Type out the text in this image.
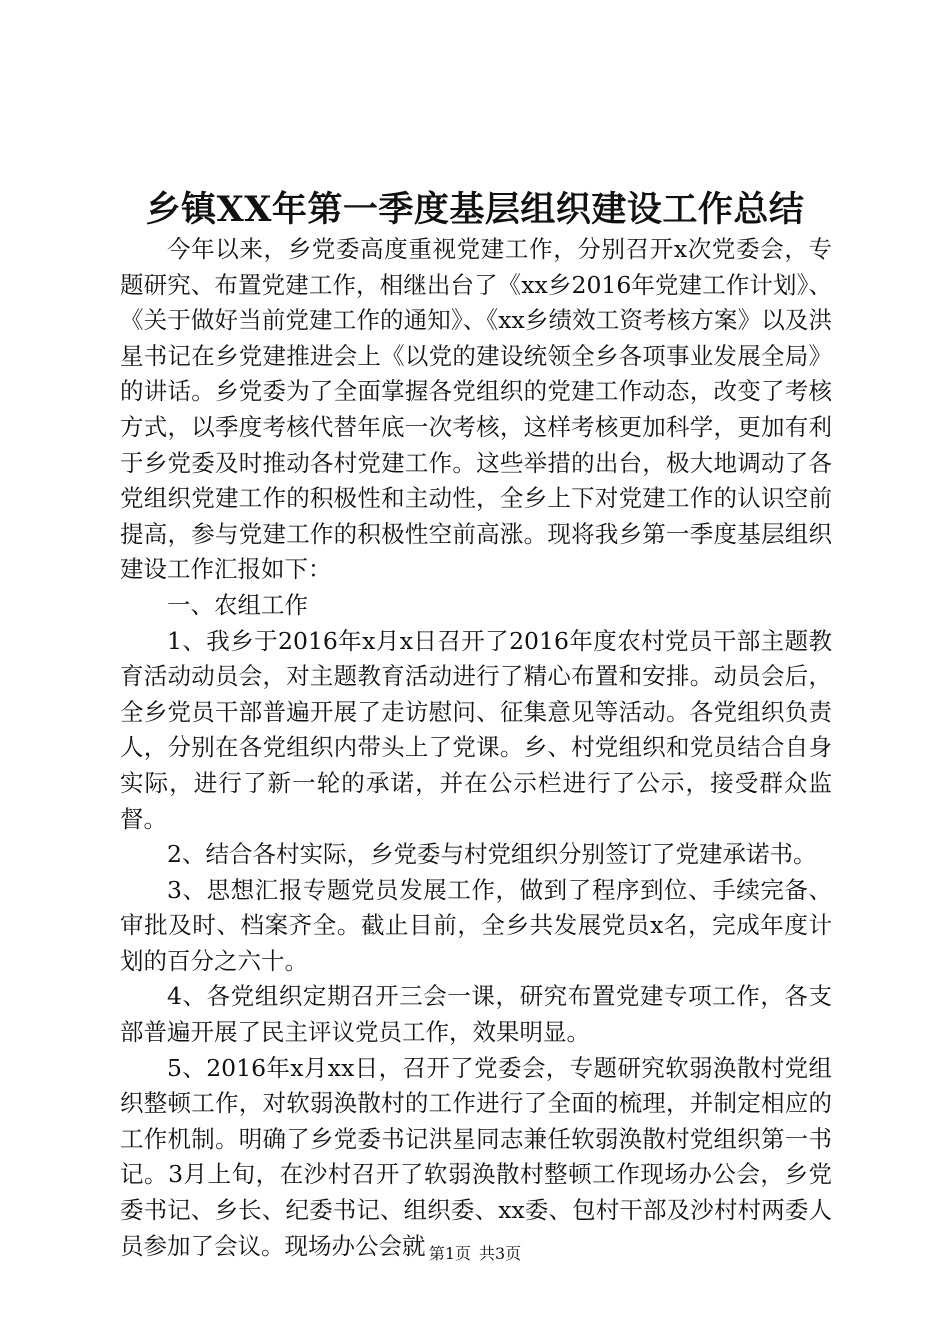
乡镇XX年第一季度基层组织建设工作总结

今年以来，乡党委高度重视党建工作，分别召开x次党委会，专题研究、布置党建工作，相继出台了《xx乡2016年党建工作计划》、《关于做好当前党建工作的通知》、《xx乡绩效工资考核方案》以及洪星书记在乡党建推进会上《以党的建设统领全乡各项事业发展全局》的讲话。乡党委为了全面掌握各党组织的党建工作动态，改变了考核方式，以季度考核代替年底一次考核，这样考核更加科学，更加有利于乡党委及时推动各村党建工作。这些举措的出台，极大地调动了各党组织党建工作的积极性和主动性，全乡上下对党建工作的认识空前提高，参与党建工作的积极性空前高涨。现将我乡第一季度基层组织建设工作汇报如下：

一、农组工作

1、我乡于2016年x月x日召开了2016年度农村党员干部主题教育活动动员会，对主题教育活动进行了精心布置和安排。动员会后，全乡党员干部普遍开展了走访慰问、征集意见等活动。各党组织负责人，分别在各党组织内带头上了党课。乡、村党组织和党员结合自身实际，进行了新一轮的承诺，并在公示栏进行了公示，接受群众监督。

2、结合各村实际，乡党委与村党组织分别签订了党建承诺书。

3、思想汇报专题党员发展工作，做到了程序到位、手续完备、审批及时、档案齐全。截止目前，全乡共发展党员x名，完成年度计划的百分之六十。

4、各党组织定期召开三会一课，研究布置党建专项工作，各支部普遍开展了民主评议党员工作，效果明显。

5、2016年x月xx日，召开了党委会，专题研究软弱涣散村党组织整顿工作，对软弱涣散村的工作进行了全面的梳理，并制定相应的工作机制。明确了乡党委书记洪星同志兼任软弱涣散村党组织第一书记。3月上旬，在沙村召开了软弱涣散村整顿工作现场办公会，乡党委书记、乡长、纪委书记、组织委、xx委、包村干部及沙村村两委人员参加了会议。现场办公会就 第1页 共3页
